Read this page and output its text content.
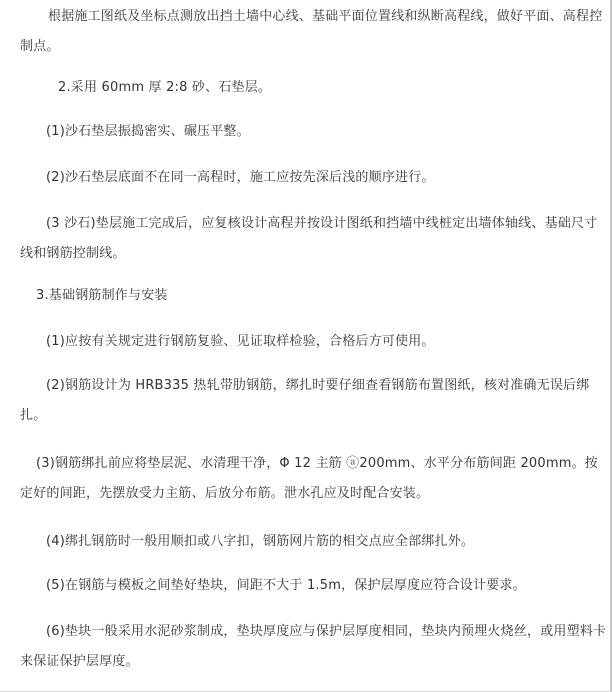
根据施工图纸及坐标点测放出挡土墙中心线、基础平面位置线和纵断高程线，做好平面、高程控制点。
2.采用 60mm 厚 2:8 砂、石垫层。
(1)沙石垫层振捣密实、碾压平整。
(2)沙石垫层底面不在同一高程时，施工应按先深后浅的顺序进行。
(3 沙石)垫层施工完成后，应复核设计高程并按设计图纸和挡墙中线桩定出墙体轴线、基础尺寸线和钢筋控制线。
3.基础钢筋制作与安装
(1)应按有关规定进行钢筋复验、见证取样检验，合格后方可使用。
(2)钢筋设计为 HRB335 热轧带肋钢筋，绑扎时要仔细查看钢筋布置图纸，核对准确无误后绑扎。
(3)钢筋绑扎前应将垫层泥、水清理干净，Φ 12 主筋 ⓐ200mm、水平分布筋间距 200mm。按定好的间距，先摆放受力主筋、后放分布筋。泄水孔应及时配合安装。
(4)绑扎钢筋时一般用顺扣或八字扣，钢筋网片筋的相交点应全部绑扎外。
(5)在钢筋与模板之间垫好垫块，间距不大于 1.5m，保护层厚度应符合设计要求。
(6)垫块一般采用水泥砂浆制成，垫块厚度应与保护层厚度相同，垫块内预埋火烧丝，或用塑料卡来保证保护层厚度。
